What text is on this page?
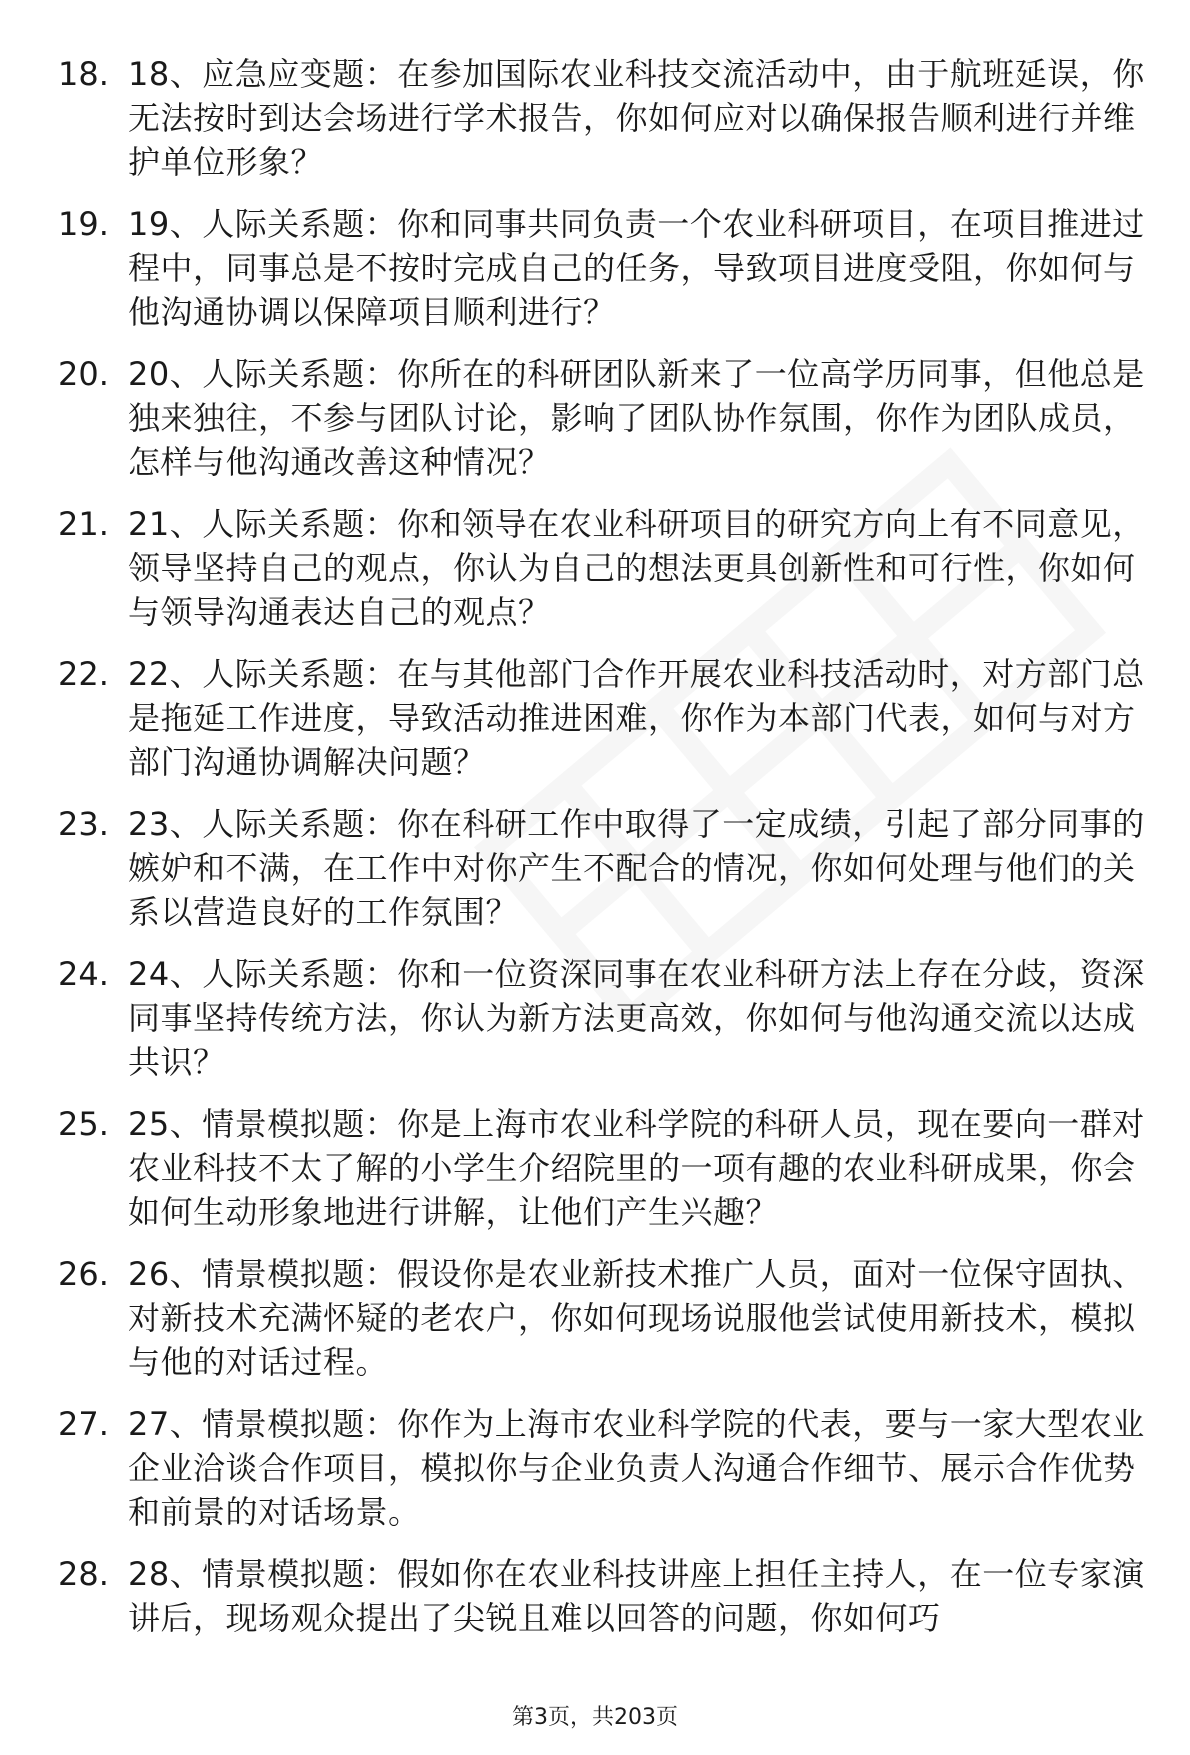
18. 18、应急应变题：在参加国际农业科技交流活动中，由于航班延误，你无法按时到达会场进行学术报告，你如何应对以确保报告顺利进行并维护单位形象？
19. 19、人际关系题：你和同事共同负责一个农业科研项目，在项目推进过程中，同事总是不按时完成自己的任务，导致项目进度受阻，你如何与他沟通协调以保障项目顺利进行？
20. 20、人际关系题：你所在的科研团队新来了一位高学历同事，但他总是独来独往，不参与团队讨论，影响了团队协作氛围，你作为团队成员，怎样与他沟通改善这种情况？
21. 21、人际关系题：你和领导在农业科研项目的研究方向上有不同意见，领导坚持自己的观点，你认为自己的想法更具创新性和可行性，你如何与领导沟通表达自己的观点？
22. 22、人际关系题：在与其他部门合作开展农业科技活动时，对方部门总是拖延工作进度，导致活动推进困难，你作为本部门代表，如何与对方部门沟通协调解决问题？
23. 23、人际关系题：你在科研工作中取得了一定成绩，引起了部分同事的嫉妒和不满，在工作中对你产生不配合的情况，你如何处理与他们的关系以营造良好的工作氛围？
24. 24、人际关系题：你和一位资深同事在农业科研方法上存在分歧，资深同事坚持传统方法，你认为新方法更高效，你如何与他沟通交流以达成共识？
25. 25、情景模拟题：你是上海市农业科学院的科研人员，现在要向一群对农业科技不太了解的小学生介绍院里的一项有趣的农业科研成果，你会如何生动形象地进行讲解，让他们产生兴趣？
26. 26、情景模拟题：假设你是农业新技术推广人员，面对一位保守固执、对新技术充满怀疑的老农户，你如何现场说服他尝试使用新技术，模拟与他的对话过程。
27. 27、情景模拟题：你作为上海市农业科学院的代表，要与一家大型农业企业洽谈合作项目，模拟你与企业负责人沟通合作细节、展示合作优势和前景的对话场景。
28. 28、情景模拟题：假如你在农业科技讲座上担任主持人，在一位专家演讲后，现场观众提出了尖锐且难以回答的问题，你如何巧
第3页，共203页
